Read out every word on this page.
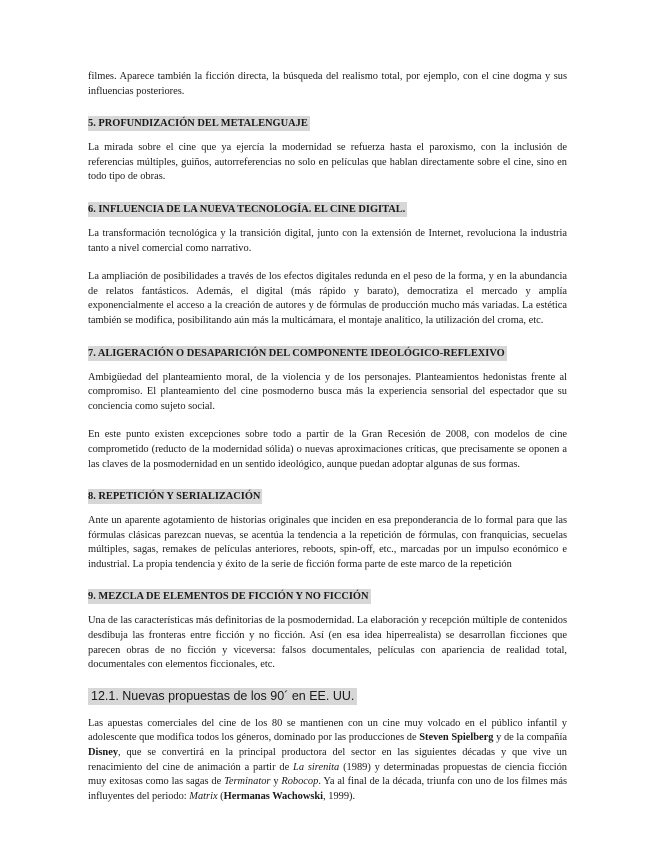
filmes. Aparece también la ficción directa, la búsqueda del realismo total, por ejemplo, con el cine dogma y sus influencias posteriores.

5. PROFUNDIZACIÓN DEL METALENGUAJE

La mirada sobre el cine que ya ejercía la modernidad se refuerza hasta el paroxismo, con la inclusión de referencias múltiples, guiños, autorreferencias no solo en películas que hablan directamente sobre el cine, sino en todo tipo de obras.

6. INFLUENCIA DE LA NUEVA TECNOLOGÍA. EL CINE DIGITAL.

La transformación tecnológica y la transición digital, junto con la extensión de Internet, revoluciona la industria tanto a nivel comercial como narrativo.

La ampliación de posibilidades a través de los efectos digitales redunda en el peso de la forma, y en la abundancia de relatos fantásticos. Además, el digital (más rápido y barato), democratiza el mercado y amplía exponencialmente el acceso a la creación de autores y de fórmulas de producción mucho más variadas. La estética también se modifica, posibilitando aún más la multicámara, el montaje analítico, la utilización del croma, etc.

7. ALIGERACIÓN O DESAPARICIÓN DEL COMPONENTE IDEOLÓGICO-REFLEXIVO

Ambigüedad del planteamiento moral, de la violencia y de los personajes. Planteamientos hedonistas frente al compromiso. El planteamiento del cine posmoderno busca más la experiencia sensorial del espectador que su conciencia como sujeto social.

En este punto existen excepciones sobre todo a partir de la Gran Recesión de 2008, con modelos de cine comprometido (reducto de la modernidad sólida) o nuevas aproximaciones críticas, que precisamente se oponen a las claves de la posmodernidad en un sentido ideológico, aunque puedan adoptar algunas de sus formas.

8. REPETICIÓN Y SERIALIZACIÓN

Ante un aparente agotamiento de historias originales que inciden en esa preponderancia de lo formal para que las fórmulas clásicas parezcan nuevas, se acentúa la tendencia a la repetición de fórmulas, con franquicias, secuelas múltiples, sagas, remakes de películas anteriores, reboots, spin-off, etc., marcadas por un impulso económico e industrial. La propia tendencia y éxito de la serie de ficción forma parte de este marco de la repetición

9. MEZCLA DE ELEMENTOS DE FICCIÓN Y NO FICCIÓN

Una de las características más definitorias de la posmodernidad. La elaboración y recepción múltiple de contenidos desdibuja las fronteras entre ficción y no ficción. Así (en esa idea hiperrealista) se desarrollan ficciones que parecen obras de no ficción y viceversa: falsos documentales, películas con apariencia de realidad total, documentales con elementos ficcionales, etc.

12.1. Nuevas propuestas de los 90´ en EE. UU.

Las apuestas comerciales del cine de los 80 se mantienen con un cine muy volcado en el público infantil y adolescente que modifica todos los géneros, dominado por las producciones de Steven Spielberg y de la compañía Disney, que se convertirá en la principal productora del sector en las siguientes décadas y que vive un renacimiento del cine de animación a partir de La sirenita (1989) y determinadas propuestas de ciencia ficción muy exitosas como las sagas de Terminator y Robocop. Ya al final de la década, triunfa con uno de los filmes más influyentes del periodo: Matrix (Hermanas Wachowski, 1999).
